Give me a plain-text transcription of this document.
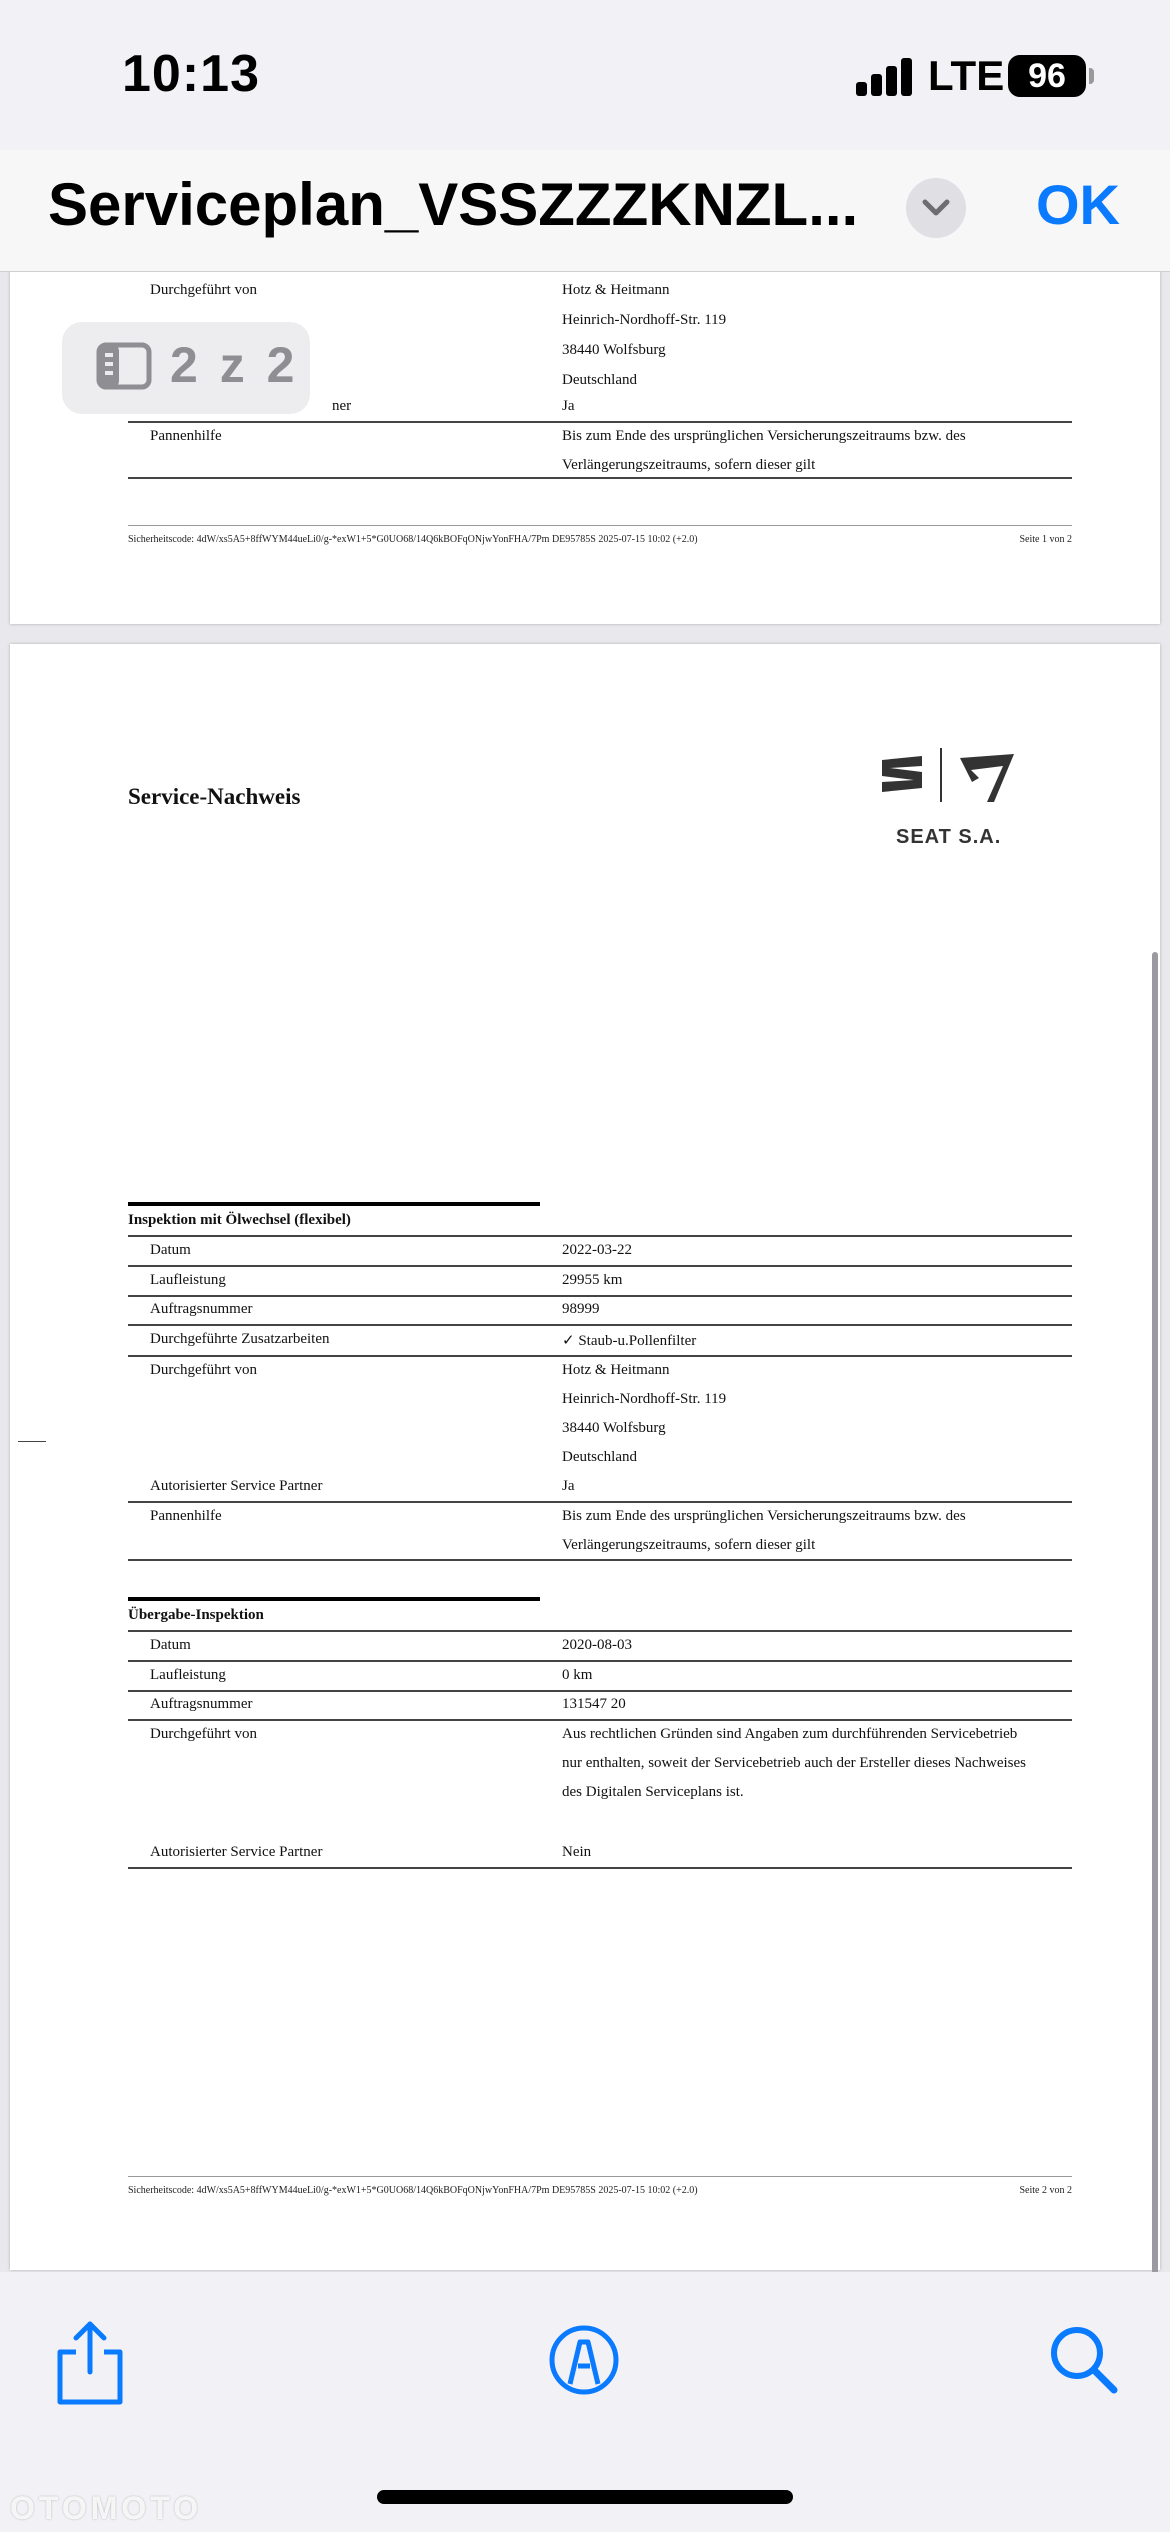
10:13	LTE 96
Serviceplan_VSSZZZKNZL...	OK
Durchgeführt von	Hotz & Heitmann
Heinrich-Nordhoff-Str. 119
38440 Wolfsburg
Deutschland
ner	Ja
Pannenhilfe	Bis zum Ende des ursprünglichen Versicherungszeitraums bzw. des
Verlängerungszeitraums, sofern dieser gilt
Sicherheitscode: 4dW/xs5A5+8ffWYM44ueLi0/g-*exW1+5*G0UO68/14Q6kBOFqONjwYonFHA/7Pm DE95785S 2025-07-15 10:02 (+2.0)	Seite 1 von 2
Service-Nachweis
SEAT S.A.
Inspektion mit Ölwechsel (flexibel)
Datum	2022-03-22
Laufleistung	29955 km
Auftragsnummer	98999
Durchgeführte Zusatzarbeiten	✓ Staub-u.Pollenfilter
Durchgeführt von	Hotz & Heitmann
Heinrich-Nordhoff-Str. 119
38440 Wolfsburg
Deutschland
Autorisierter Service Partner	Ja
Pannenhilfe	Bis zum Ende des ursprünglichen Versicherungszeitraums bzw. des
Verlängerungszeitraums, sofern dieser gilt
Übergabe-Inspektion
Datum	2020-08-03
Laufleistung	0 km
Auftragsnummer	131547 20
Durchgeführt von	Aus rechtlichen Gründen sind Angaben zum durchführenden Servicebetrieb
nur enthalten, soweit der Servicebetrieb auch der Ersteller dieses Nachweises
des Digitalen Serviceplans ist.
Autorisierter Service Partner	Nein
Sicherheitscode: 4dW/xs5A5+8ffWYM44ueLi0/g-*exW1+5*G0UO68/14Q6kBOFqONjwYonFHA/7Pm DE95785S 2025-07-15 10:02 (+2.0)	Seite 2 von 2
2 z 2
OTOMOTO
